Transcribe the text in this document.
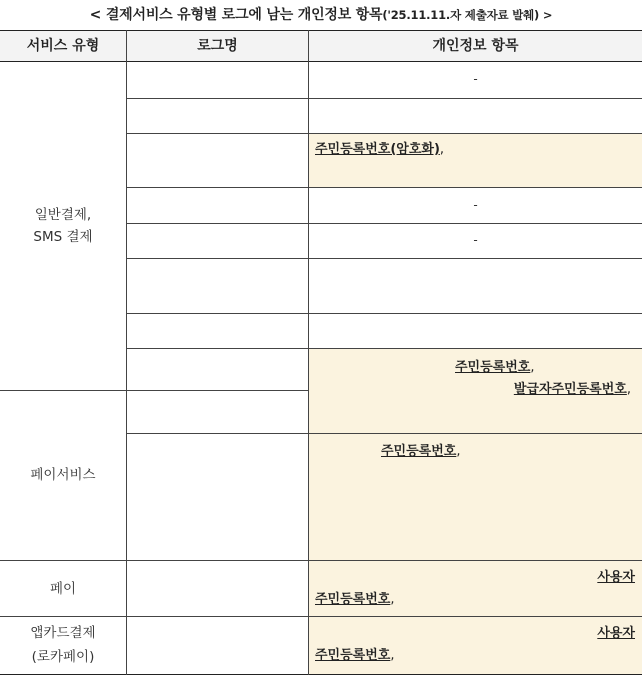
< 결제서비스 유형별 로그에 남는 개인정보 항목('25.11.11.자 제출자료 발췌) >
서비스 유형	로그명	개인정보 항목
일반결제,
SMS 결제
페이서비스
페이
앱카드결제
(로카페이)
-
주민등록번호(암호화),
-
-
주민등록번호,
발급자주민등록번호,
주민등록번호,
사용자
주민등록번호,
사용자
주민등록번호,
